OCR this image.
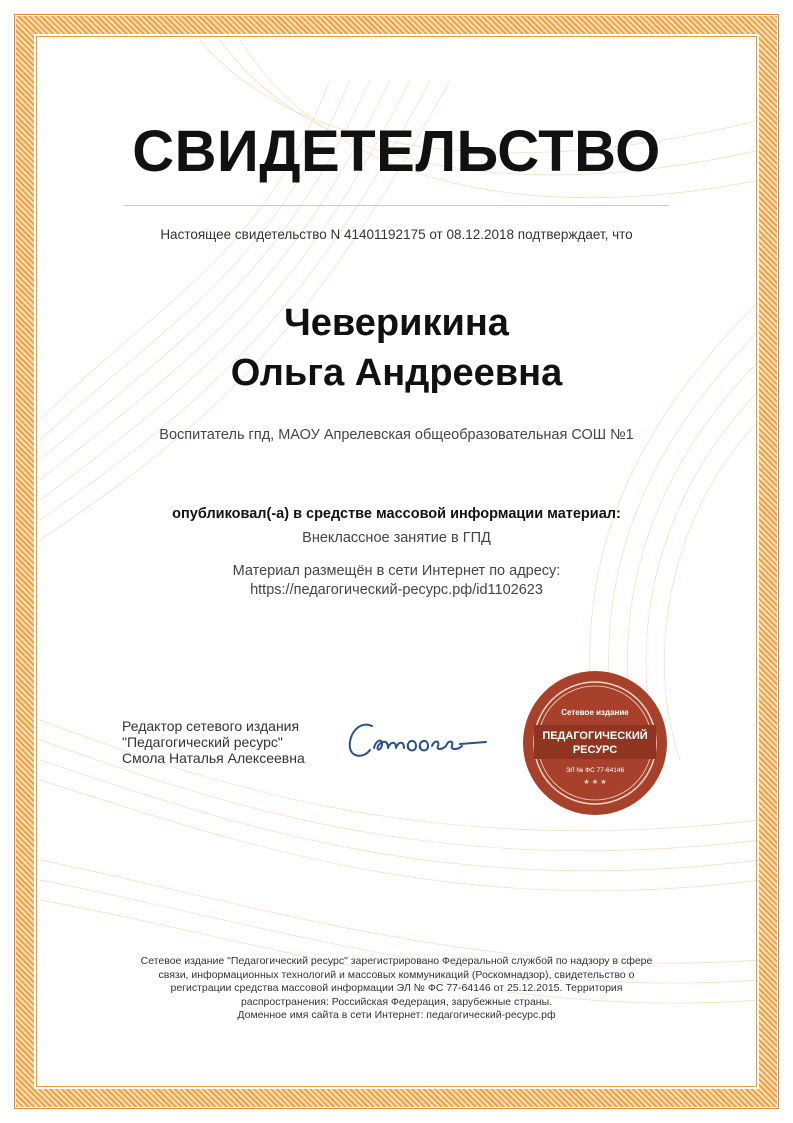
СВИДЕТЕЛЬСТВО
Настоящее свидетельство N 41401192175 от 08.12.2018 подтверждает, что
Чеверикина
Ольга Андреевна
Воспитатель гпд, МАОУ Апрелевская общеобразовательная СОШ №1
опубликовал(-а) в средстве массовой информации материал:
Внеклассное занятие в ГПД
Материал размещён в сети Интернет по адресу:
https://педагогический-ресурс.рф/id1102623
Редактор сетевого издания
"Педагогический ресурс"
Смола Наталья Алексеевна
Сетевое издание
ПЕДАГОГИЧЕСКИЙ
РЕСУРС
ЭЛ № ФС 77-64146
★ ★ ★
Сетевое издание "Педагогический ресурс" зарегистрировано Федеральной службой по надзору в сфере
связи, информационных технологий и массовых коммуникаций (Роскомнадзор), свидетельство о
регистрации средства массовой информации ЭЛ № ФС 77-64146 от 25.12.2015. Территория
распространения: Российская Федерация, зарубежные страны.
Доменное имя сайта в сети Интернет: педагогический-ресурс.рф
